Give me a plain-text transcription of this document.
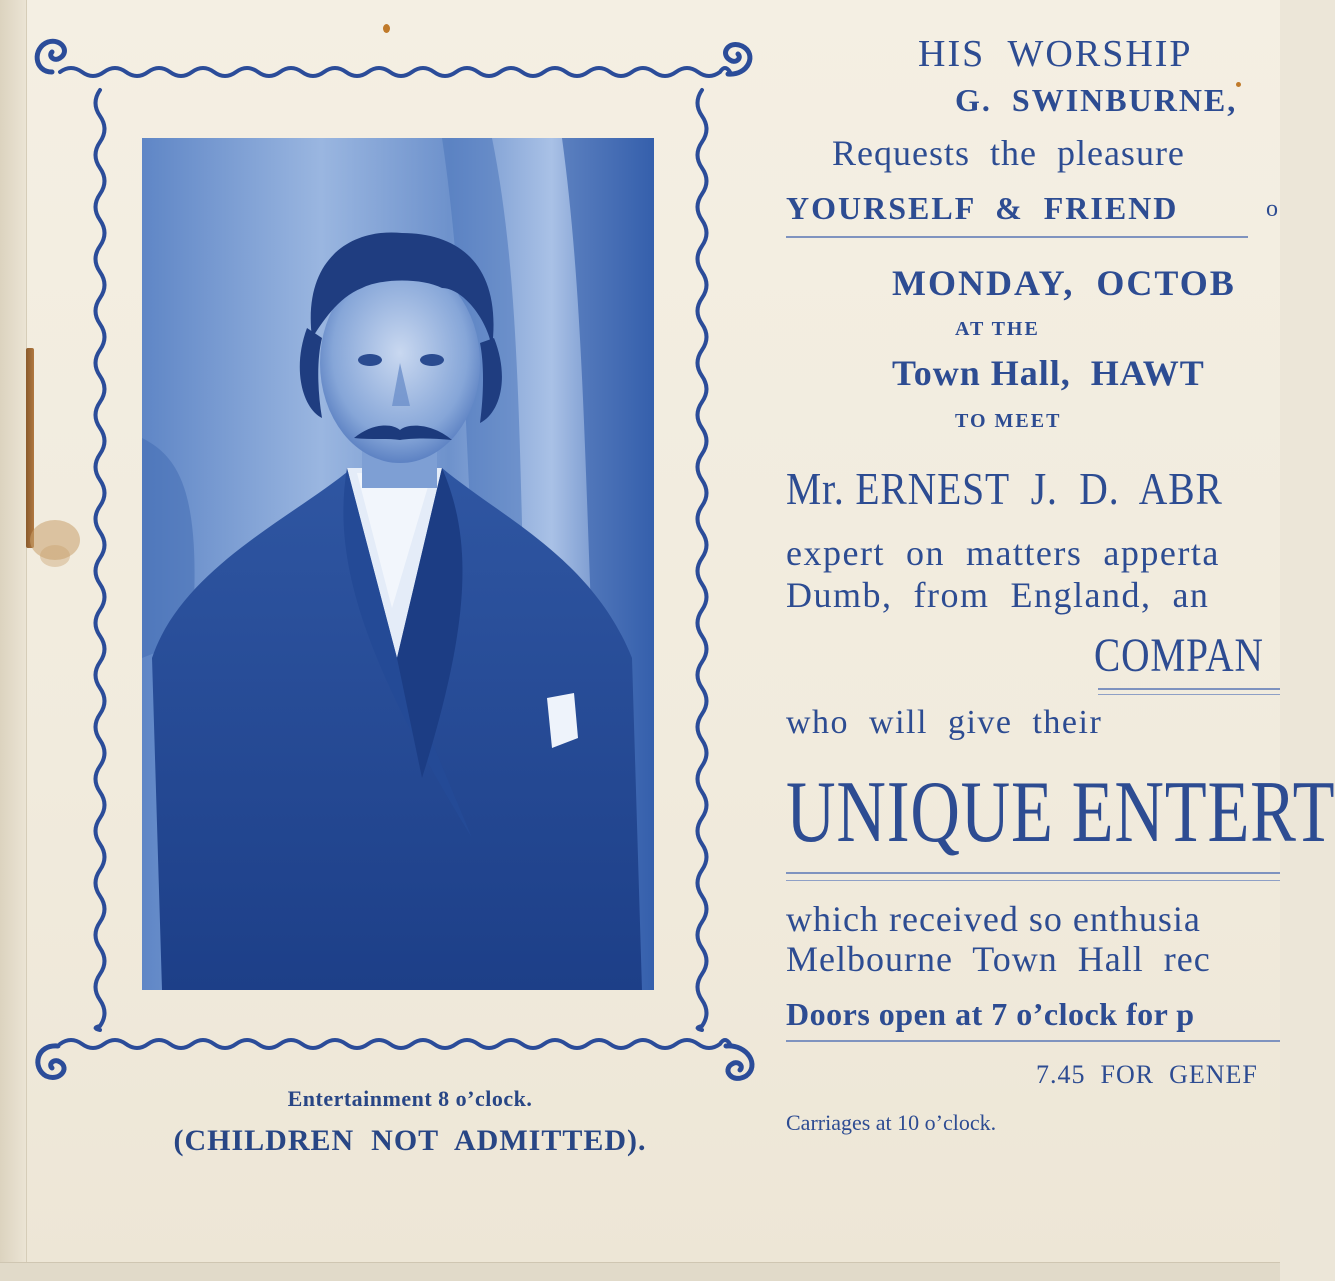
Entertainment 8 o’clock.
(CHILDREN  NOT  ADMITTED).
HIS  WORSHIP
G.  SWINBURNE,
Requests  the  pleasure
YOURSELF  &  FRIEND	o
MONDAY,  OCTOB
AT THE
Town Hall,  HAWT
TO MEET
Mr. ERNEST  J.  D.  ABR
expert  on  matters  apperta
Dumb,  from  England,  an
COMPAN
who  will  give  their
UNIQUE ENTERT
which received so enthusia
Melbourne  Town  Hall  rec
Doors open at 7 o’clock for p
7.45  FOR  GENEF
Carriages at 10 o’clock.
